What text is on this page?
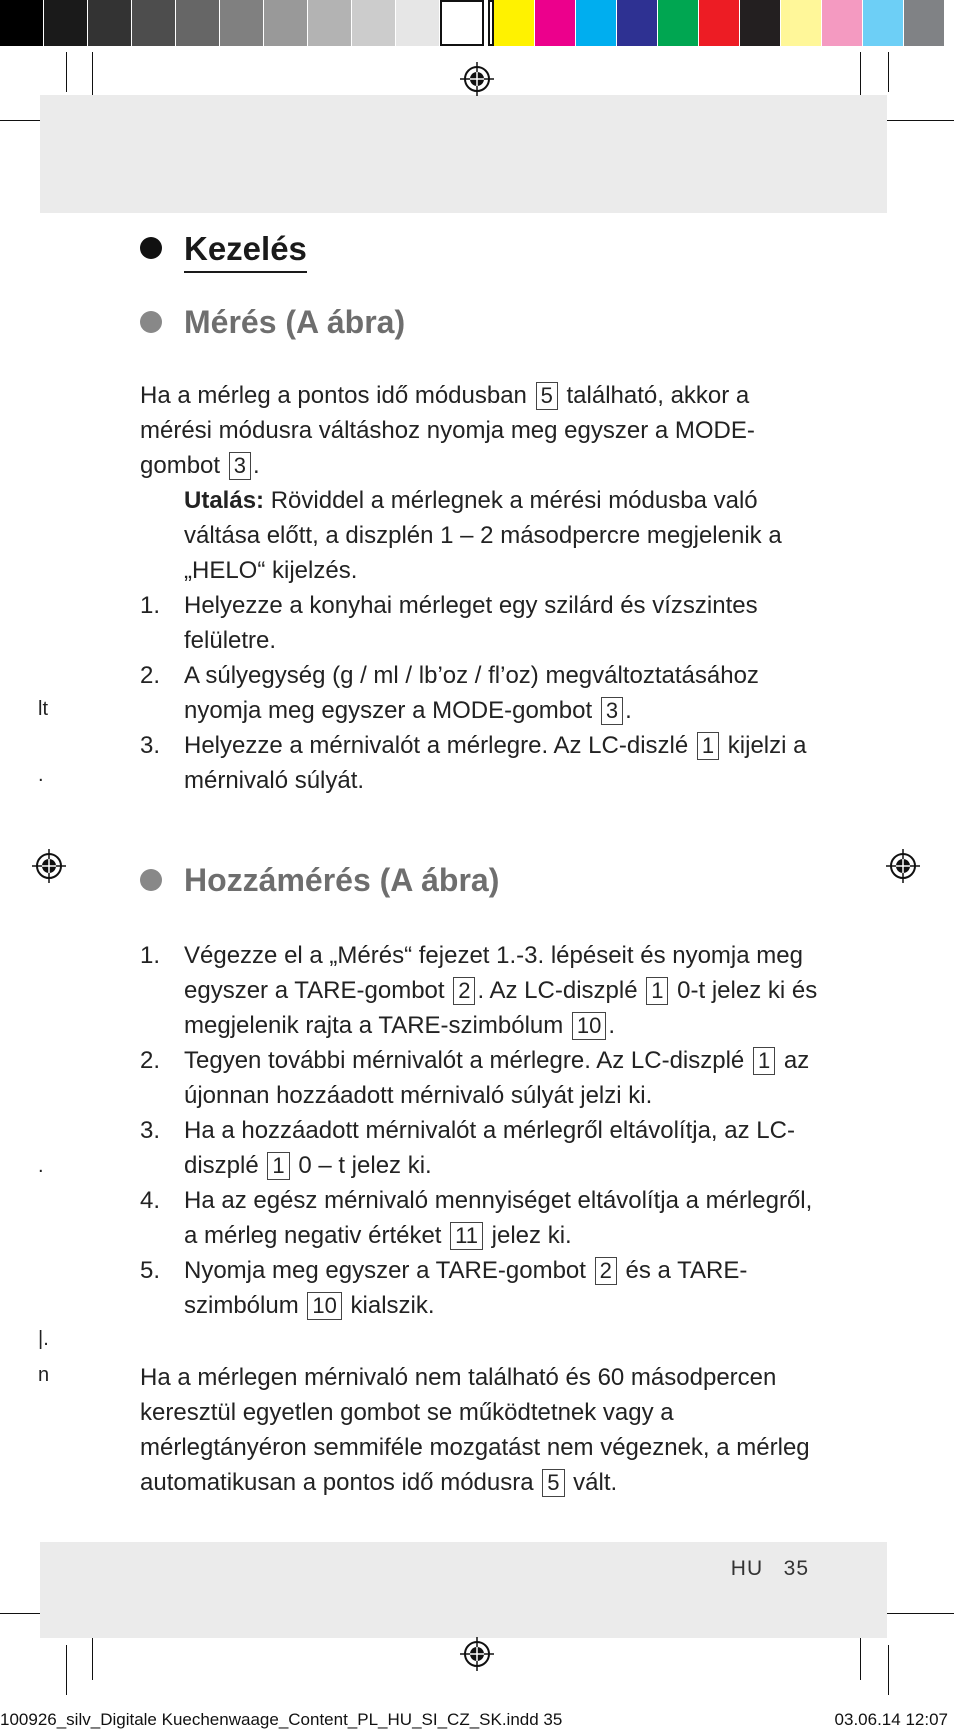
Kezelés
Mérés (A ábra)
Ha a mérleg a pontos idő módusban 5 található, akkor a mérési módusra váltáshoz nyomja meg egyszer a MODE-gombot 3 .
Utalás: Röviddel a mérlegnek a mérési módusba való váltása előtt, a diszplén 1 – 2 másodpercre megjelenik a „HELO“ kijelzés.
1. Helyezze a konyhai mérleget egy szilárd és vízszintes felületre.
2. A súlyegység (g / ml / lb’oz / fl’oz) megváltoztatásához nyomja meg egyszer a MODE-gombot 3 .
3. Helyezze a mérnivalót a mérlegre. Az LC-diszlé 1 kijelzi a mérnivaló súlyát.
Hozzámérés (A ábra)
1. Végezze el a „Mérés“ fejezet 1.-3. lépéseit és nyomja meg egyszer a TARE-gombot 2 . Az LC-diszplé 1 0-t jelez ki és megjelenik rajta a TARE-szimbólum 10 .
2. Tegyen további mérnivalót a mérlegre. Az LC-diszplé 1 az újonnan hozzáadott mérnivaló súlyát jelzi ki.
3. Ha a hozzáadott mérnivalót a mérlegről eltávolítja, az LC-diszplé 1 0 – t jelez ki.
4. Ha az egész mérnivaló mennyiséget eltávolítja a mérlegről, a mérleg negativ értéket 11 jelez ki.
5. Nyomja meg egyszer a TARE-gombot 2 és a TARE-szimbólum 10 kialszik.
Ha a mérlegen mérnivaló nem található és 60 másodpercen keresztül egyetlen gombot se működtetnek vagy a mérlegtányéron semmiféle mozgatást nem végeznek, a mérleg automatikusan a pontos idő módusra 5 vált.
lt
.
.
|.
n
HU 35
100926_silv_Digitale Kuechenwaage_Content_PL_HU_SI_CZ_SK.indd 35	03.06.14 12:07
